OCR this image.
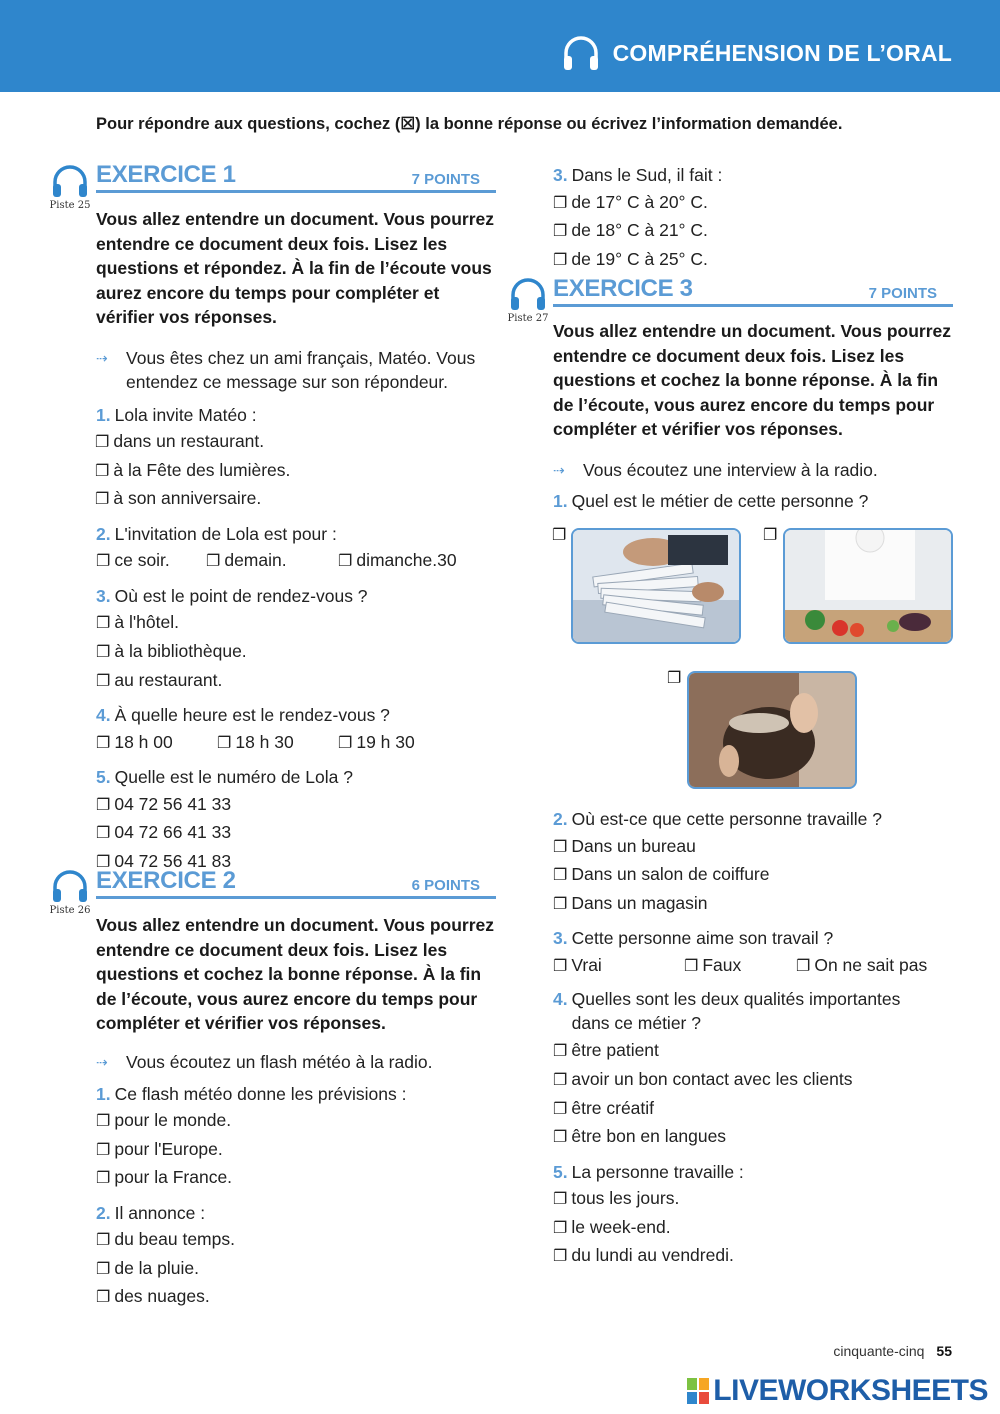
COMPRÉHENSION DE L’ORAL
Pour répondre aux questions, cochez (☒) la bonne réponse ou écrivez l’information demandée.
Piste 25
EXERCICE 1	7 POINTS
Vous allez entendre un document. Vous pourrez entendre ce document deux fois. Lisez les questions et répondez. À la fin de l’écoute vous aurez encore du temps pour compléter et vérifier vos réponses.
⇢ Vous êtes chez un ami français, Matéo. Vous entendez ce message sur son répondeur.
1. Lola invite Matéo :
❐ dans un restaurant.
❐ à la Fête des lumières.
❐ à son anniversaire.
2. L'invitation de Lola est pour :
❐ ce soir.	❐ demain.	❐ dimanche.30
3. Où est le point de rendez-vous ?
❐ à l'hôtel.
❐ à la bibliothèque.
❐ au restaurant.
4. À quelle heure est le rendez-vous ?
❐ 18 h 00	❐ 18 h 30	❐ 19 h 30
5. Quelle est le numéro de Lola ?
❐ 04 72 56 41 33
❐ 04 72 66 41 33
❐ 04 72 56 41 83
Piste 26
EXERCICE 2	6 POINTS
Vous allez entendre un document. Vous pourrez entendre ce document deux fois. Lisez les questions et cochez la bonne réponse. À la fin de l’écoute, vous aurez encore du temps pour compléter et vérifier vos réponses.
⇢ Vous écoutez un flash météo à la radio.
1. Ce flash météo donne les prévisions :
❐ pour le monde.
❐ pour l'Europe.
❐ pour la France.
2. Il annonce :
❐ du beau temps.
❐ de la pluie.
❐ des nuages.
3. Dans le Sud, il fait :
❐ de 17° C à 20° C.
❐ de 18° C à 21° C.
❐ de 19° C à 25° C.
Piste 27
EXERCICE 3	7 POINTS
Vous allez entendre un document. Vous pourrez entendre ce document deux fois. Lisez les questions et cochez la bonne réponse. À la fin de l’écoute, vous aurez encore du temps pour compléter et vérifier vos réponses.
⇢ Vous écoutez une interview à la radio.
1. Quel est le métier de cette personne ?
❐	❐
❐
2. Où est-ce que cette personne travaille ?
❐ Dans un bureau
❐ Dans un salon de coiffure
❐ Dans un magasin
3. Cette personne aime son travail ?
❐ Vrai	❐ Faux	❐ On ne sait pas
4. Quelles sont les deux qualités importantes dans ce métier ?
❐ être patient
❐ avoir un bon contact avec les clients
❐ être créatif
❐ être bon en langues
5. La personne travaille :
❐ tous les jours.
❐ le week-end.
❐ du lundi au vendredi.
cinquante-cinq 55
LIVEWORKSHEETS
